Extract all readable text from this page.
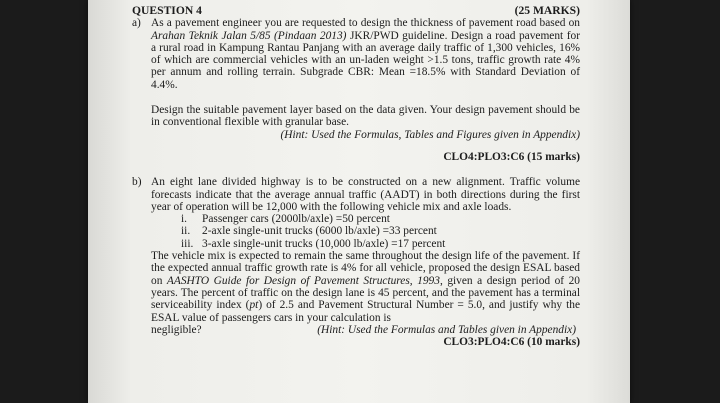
QUESTION 4	(25 MARKS)
a) As a pavement engineer you are requested to design the thickness of pavement road based on Arahan Teknik Jalan 5/85 (Pindaan 2013) JKR/PWD guideline. Design a road pavement for a rural road in Kampung Rantau Panjang with an average daily traffic of 1,300 vehicles, 16% of which are commercial vehicles with an un-laden weight >1.5 tons, traffic growth rate 4% per annum and rolling terrain. Subgrade CBR: Mean =18.5% with Standard Deviation of 4.4%.

Design the suitable pavement layer based on the data given. Your design pavement should be in conventional flexible with granular base.

(Hint: Used the Formulas, Tables and Figures given in Appendix)
CLO4:PLO3:C6 (15 marks)
b) An eight lane divided highway is to be constructed on a new alignment. Traffic volume forecasts indicate that the average annual traffic (AADT) in both directions during the first year of operation will be 12,000 with the following vehicle mix and axle loads.

i.	Passenger cars (2000lb/axle) =50 percent
ii.	2-axle single-unit trucks (6000 lb/axle) =33 percent
iii. 3-axle single-unit trucks (10,000 lb/axle) =17 percent

The vehicle mix is expected to remain the same throughout the design life of the pavement. If the expected annual traffic growth rate is 4% for all vehicle, proposed the design ESAL based on AASHTO Guide for Design of Pavement Structures, 1993, given a design period of 20 years. The percent of traffic on the design lane is 45 percent, and the pavement has a terminal serviceability index (pt) of 2.5 and Pavement Structural Number = 5.0, and justify why the ESAL value of passengers cars in your calculation is

negligible?	(Hint: Used the Formulas and Tables given in Appendix)
CLO3:PLO4:C6 (10 marks)
